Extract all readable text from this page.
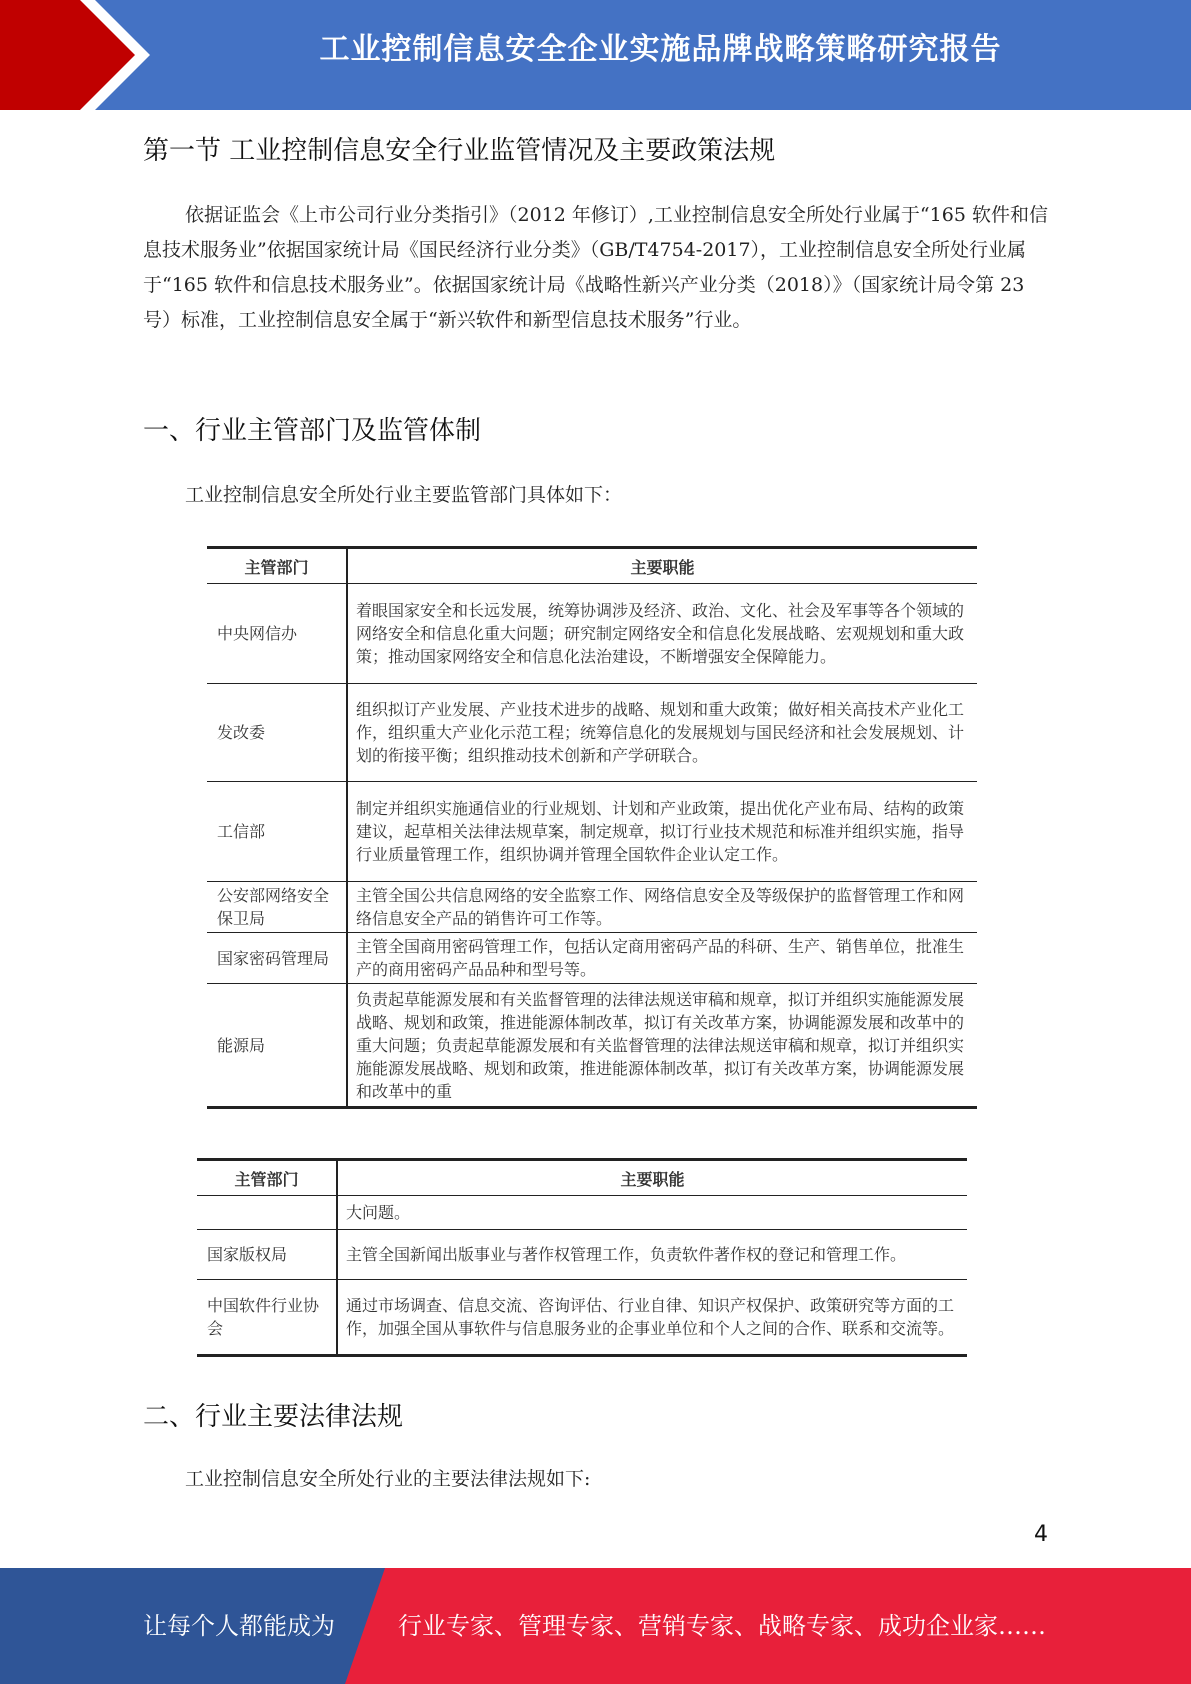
工业控制信息安全企业实施品牌战略策略研究报告
第一节 工业控制信息安全行业监管情况及主要政策法规

依据证监会《上市公司行业分类指引》（2012 年修订）,工业控制信息安全所处行业属于“165 软件和信息技术服务业”依据国家统计局《国民经济行业分类》（GB/T4754-2017），工业控制信息安全所处行业属于“165 软件和信息技术服务业”。依据国家统计局《战略性新兴产业分类（2018）》（国家统计局令第 23 号）标准，工业控制信息安全属于“新兴软件和新型信息技术服务”行业。

一、行业主管部门及监管体制

工业控制信息安全所处行业主要监管部门具体如下：

主管部门	主要职能
中央网信办	着眼国家安全和长远发展，统筹协调涉及经济、政治、文化、社会及军事等各个领域的网络安全和信息化重大问题；研究制定网络安全和信息化发展战略、宏观规划和重大政策；推动国家网络安全和信息化法治建设，不断增强安全保障能力。
发改委	组织拟订产业发展、产业技术进步的战略、规划和重大政策；做好相关高技术产业化工作，组织重大产业化示范工程；统筹信息化的发展规划与国民经济和社会发展规划、计划的衔接平衡；组织推动技术创新和产学研联合。
工信部	制定并组织实施通信业的行业规划、计划和产业政策，提出优化产业布局、结构的政策建议，起草相关法律法规草案，制定规章，拟订行业技术规范和标准并组织实施，指导行业质量管理工作，组织协调并管理全国软件企业认定工作。
公安部网络安全保卫局	主管全国公共信息网络的安全监察工作、网络信息安全及等级保护的监督管理工作和网络信息安全产品的销售许可工作等。
国家密码管理局	主管全国商用密码管理工作，包括认定商用密码产品的科研、生产、销售单位，批准生产的商用密码产品品种和型号等。
能源局	负责起草能源发展和有关监督管理的法律法规送审稿和规章，拟订并组织实施能源发展战略、规划和政策，推进能源体制改革，拟订有关改革方案，协调能源发展和改革中的重大问题；负责起草能源发展和有关监督管理的法律法规送审稿和规章，拟订并组织实施能源发展战略、规划和政策，推进能源体制改革，拟订有关改革方案，协调能源发展和改革中的重
主管部门	主要职能
	大问题。
国家版权局	主管全国新闻出版事业与著作权管理工作，负责软件著作权的登记和管理工作。
中国软件行业协会	通过市场调查、信息交流、咨询评估、行业自律、知识产权保护、政策研究等方面的工作，加强全国从事软件与信息服务业的企事业单位和个人之间的合作、联系和交流等。
二、行业主要法律法规

工业控制信息安全所处行业的主要法律法规如下:

4
让每个人都能成为	行业专家、管理专家、营销专家、战略专家、成功企业家……
